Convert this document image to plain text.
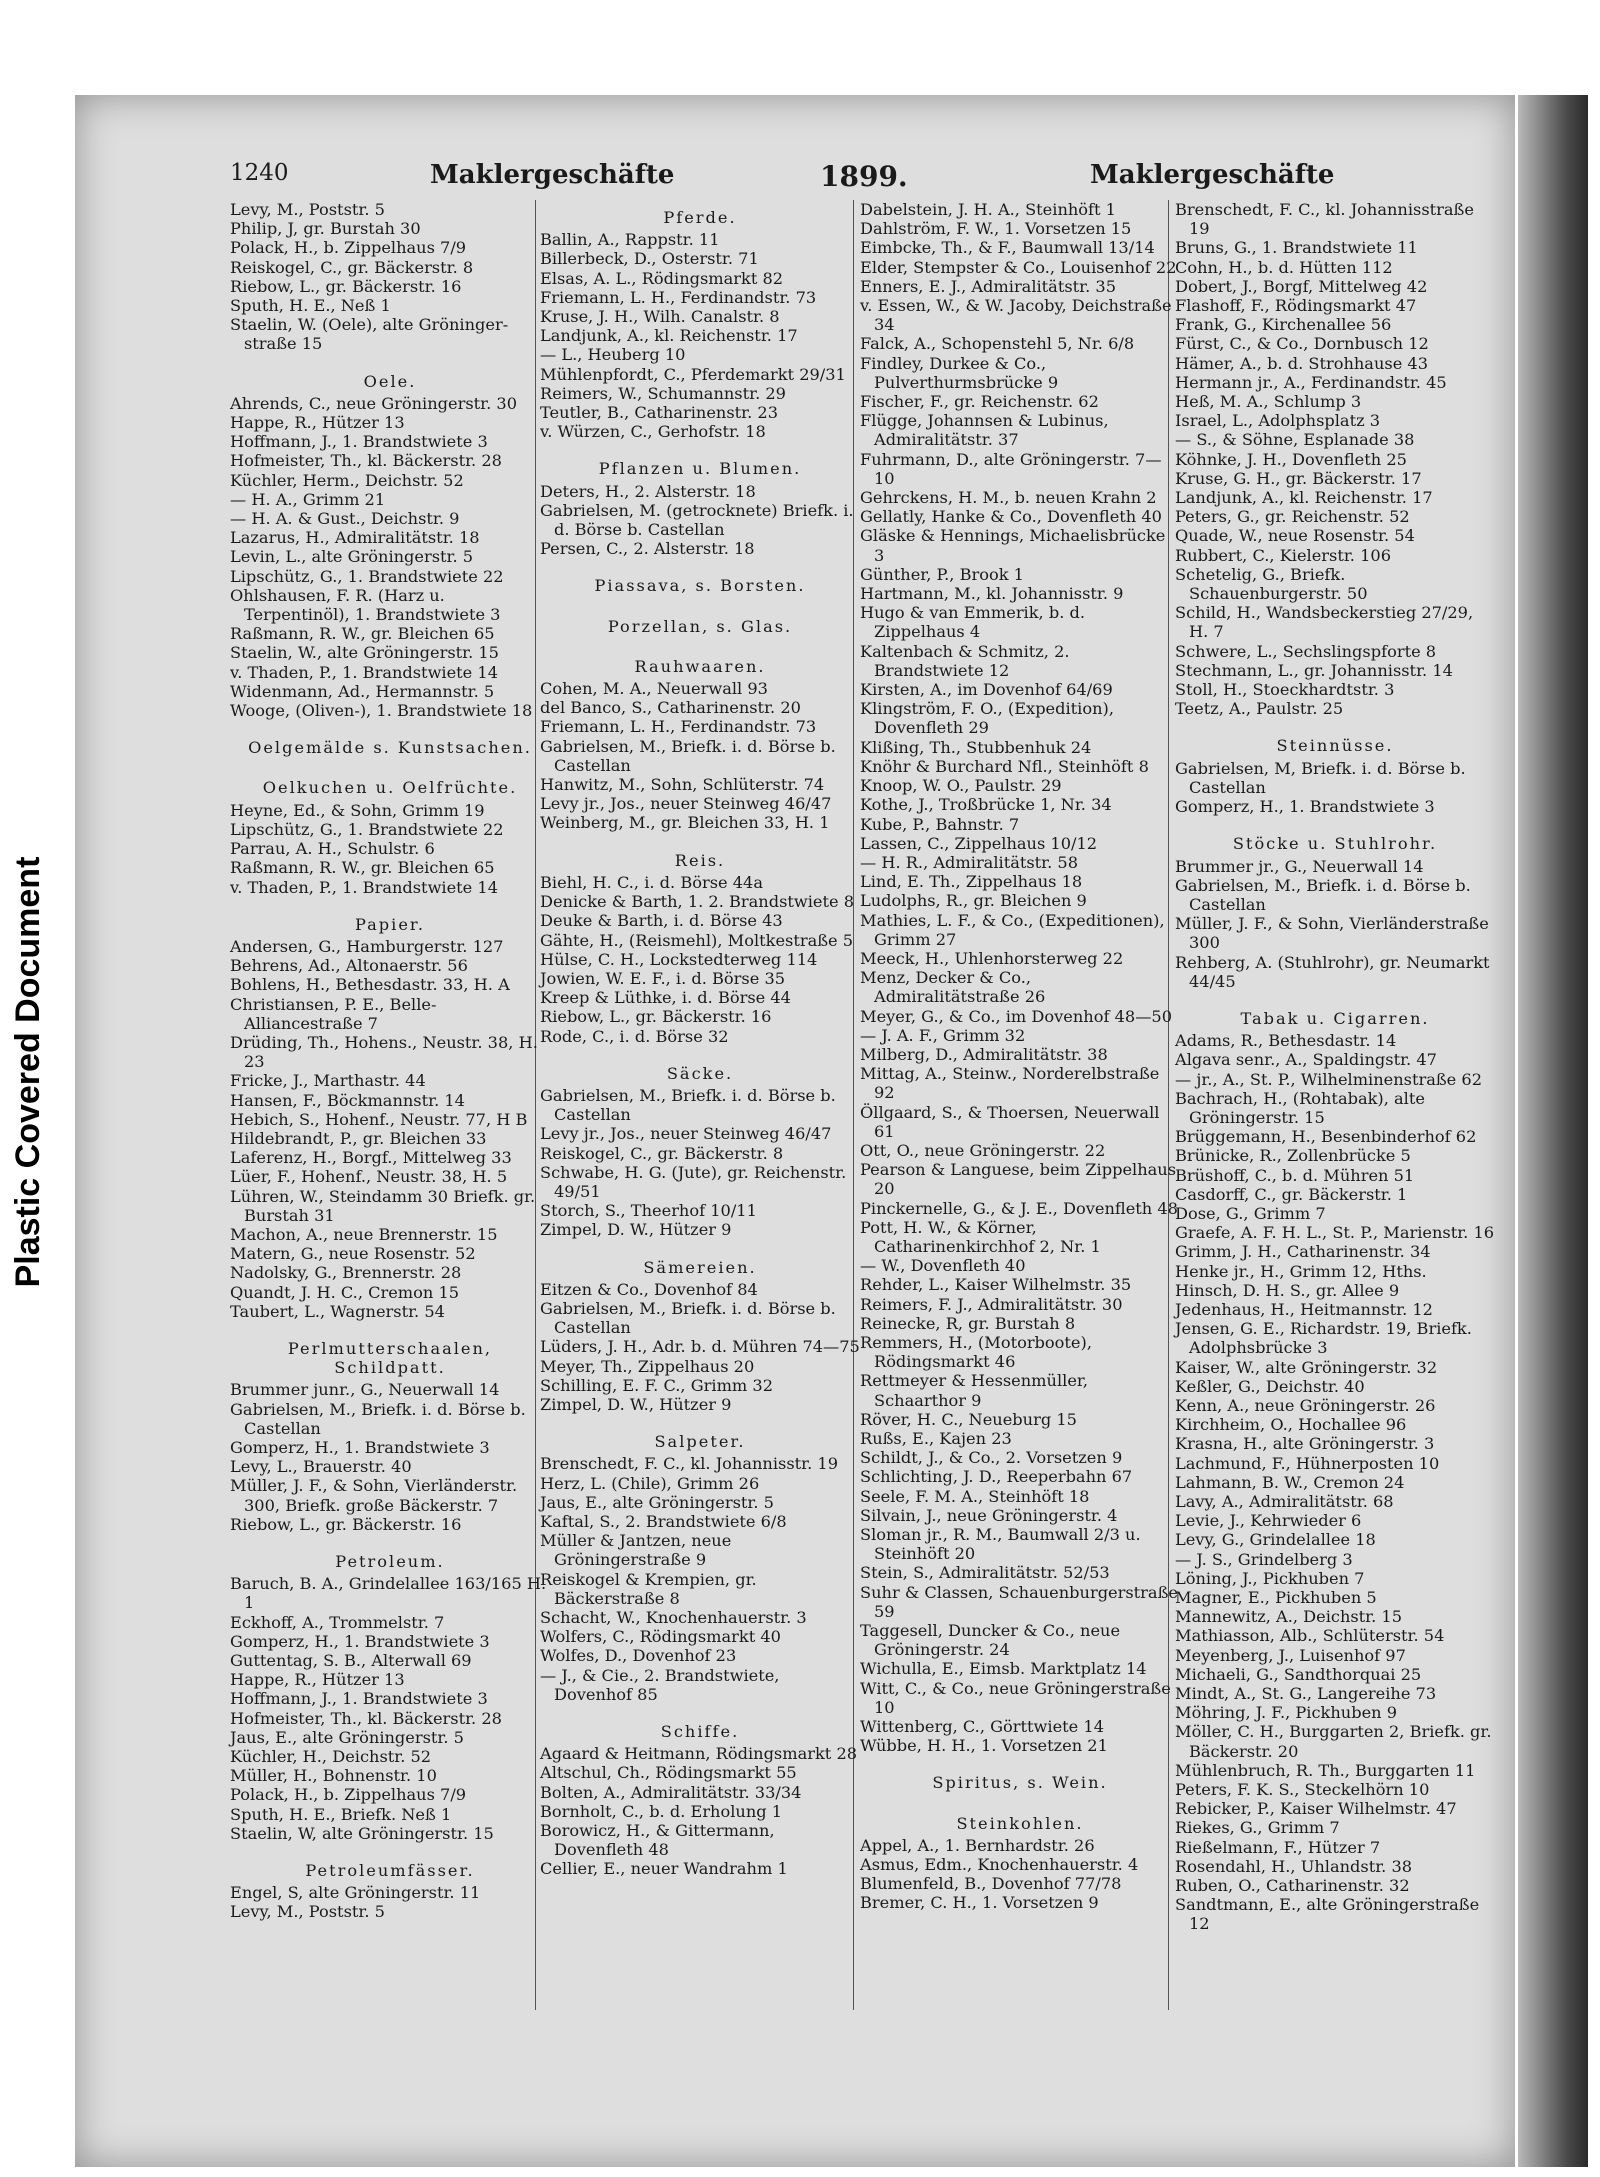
Plastic Covered Document
1240	Maklergeschäfte	1899.	Maklergeschäfte
Levy, M., Poststr. 5
Philip, J, gr. Burstah 30
Polack, H., b. Zippelhaus 7/9
Reiskogel, C., gr. Bäckerstr. 8
Riebow, L., gr. Bäckerstr. 16
Sputh, H. E., Neß 1
Staelin, W. (Oele), alte Gröninger-straße 15
Oele.
Ahrends, C., neue Gröningerstr. 30
Happe, R., Hützer 13
Hoffmann, J., 1. Brandstwiete 3
Hofmeister, Th., kl. Bäckerstr. 28
Küchler, Herm., Deichstr. 52
— H. A., Grimm 21
— H. A. & Gust., Deichstr. 9
Lazarus, H., Admiralitätstr. 18
Levin, L., alte Gröningerstr. 5
Lipschütz, G., 1. Brandstwiete 22
Ohlshausen, F. R. (Harz u. Terpentinöl), 1. Brandstwiete 3
Raßmann, R. W., gr. Bleichen 65
Staelin, W., alte Gröningerstr. 15
v. Thaden, P., 1. Brandstwiete 14
Widenmann, Ad., Hermannstr. 5
Wooge, (Oliven-), 1. Brandstwiete 18
Oelgemälde s. Kunstsachen.
Oelkuchen u. Oelfrüchte.
Heyne, Ed., & Sohn, Grimm 19
Lipschütz, G., 1. Brandstwiete 22
Parrau, A. H., Schulstr. 6
Raßmann, R. W., gr. Bleichen 65
v. Thaden, P., 1. Brandstwiete 14
Papier.
Andersen, G., Hamburgerstr. 127
Behrens, Ad., Altonaerstr. 56
Bohlens, H., Bethesdastr. 33, H. A
Christiansen, P. E., Belle-Alliancestraße 7
Drüding, Th., Hohens., Neustr. 38, H. 23
Fricke, J., Marthastr. 44
Hansen, F., Böckmannstr. 14
Hebich, S., Hohenf., Neustr. 77, H B
Hildebrandt, P., gr. Bleichen 33
Laferenz, H., Borgf., Mittelweg 33
Lüer, F., Hohenf., Neustr. 38, H. 5
Lühren, W., Steindamm 30 Briefk. gr. Burstah 31
Machon, A., neue Brennerstr. 15
Matern, G., neue Rosenstr. 52
Nadolsky, G., Brennerstr. 28
Quandt, J. H. C., Cremon 15
Taubert, L., Wagnerstr. 54
Perlmutterschaalen, Schildpatt.
Brummer junr., G., Neuerwall 14
Gabrielsen, M., Briefk. i. d. Börse b. Castellan
Gomperz, H., 1. Brandstwiete 3
Levy, L., Brauerstr. 40
Müller, J. F., & Sohn, Vierländerstr. 300, Briefk. große Bäckerstr. 7
Riebow, L., gr. Bäckerstr. 16
Petroleum.
Baruch, B. A., Grindelallee 163/165 H. 1
Eckhoff, A., Trommelstr. 7
Gomperz, H., 1. Brandstwiete 3
Guttentag, S. B., Alterwall 69
Happe, R., Hützer 13
Hoffmann, J., 1. Brandstwiete 3
Hofmeister, Th., kl. Bäckerstr. 28
Jaus, E., alte Gröningerstr. 5
Küchler, H., Deichstr. 52
Müller, H., Bohnenstr. 10
Polack, H., b. Zippelhaus 7/9
Sputh, H. E., Briefk. Neß 1
Staelin, W, alte Gröningerstr. 15
Petroleumfässer.
Engel, S, alte Gröningerstr. 11
Levy, M., Poststr. 5
Pferde.
Ballin, A., Rappstr. 11
Billerbeck, D., Osterstr. 71
Elsas, A. L., Rödingsmarkt 82
Friemann, L. H., Ferdinandstr. 73
Kruse, J. H., Wilh. Canalstr. 8
Landjunk, A., kl. Reichenstr. 17
— L., Heuberg 10
Mühlenpfordt, C., Pferdemarkt 29/31
Reimers, W., Schumannstr. 29
Teutler, B., Catharinenstr. 23
v. Würzen, C., Gerhofstr. 18
Pflanzen u. Blumen.
Deters, H., 2. Alsterstr. 18
Gabrielsen, M. (getrocknete) Briefk. i. d. Börse b. Castellan
Persen, C., 2. Alsterstr. 18
Piassava, s. Borsten.
Porzellan, s. Glas.
Rauhwaaren.
Cohen, M. A., Neuerwall 93
del Banco, S., Catharinenstr. 20
Friemann, L. H., Ferdinandstr. 73
Gabrielsen, M., Briefk. i. d. Börse b. Castellan
Hanwitz, M., Sohn, Schlüterstr. 74
Levy jr., Jos., neuer Steinweg 46/47
Weinberg, M., gr. Bleichen 33, H. 1
Reis.
Biehl, H. C., i. d. Börse 44a
Denicke & Barth, 1. 2. Brandstwiete 8
Deuke & Barth, i. d. Börse 43
Gähte, H., (Reismehl), Moltkestraße 5
Hülse, C. H., Lockstedterweg 114
Jowien, W. E. F., i. d. Börse 35
Kreep & Lüthke, i. d. Börse 44
Riebow, L., gr. Bäckerstr. 16
Rode, C., i. d. Börse 32
Säcke.
Gabrielsen, M., Briefk. i. d. Börse b. Castellan
Levy jr., Jos., neuer Steinweg 46/47
Reiskogel, C., gr. Bäckerstr. 8
Schwabe, H. G. (Jute), gr. Reichenstr. 49/51
Storch, S., Theerhof 10/11
Zimpel, D. W., Hützer 9
Sämereien.
Eitzen & Co., Dovenhof 84
Gabrielsen, M., Briefk. i. d. Börse b. Castellan
Lüders, J. H., Adr. b. d. Mühren 74—75
Meyer, Th., Zippelhaus 20
Schilling, E. F. C., Grimm 32
Zimpel, D. W., Hützer 9
Salpeter.
Brenschedt, F. C., kl. Johannisstr. 19
Herz, L. (Chile), Grimm 26
Jaus, E., alte Gröningerstr. 5
Kaftal, S., 2. Brandstwiete 6/8
Müller & Jantzen, neue Gröningerstraße 9
Reiskogel & Krempien, gr. Bäckerstraße 8
Schacht, W., Knochenhauerstr. 3
Wolfers, C., Rödingsmarkt 40
Wolfes, D., Dovenhof 23
— J., & Cie., 2. Brandstwiete, Dovenhof 85
Schiffe.
Agaard & Heitmann, Rödingsmarkt 28
Altschul, Ch., Rödingsmarkt 55
Bolten, A., Admiralitätstr. 33/34
Bornholt, C., b. d. Erholung 1
Borowicz, H., & Gittermann, Dovenfleth 48
Cellier, E., neuer Wandrahm 1
Dabelstein, J. H. A., Steinhöft 1
Dahlström, F. W., 1. Vorsetzen 15
Eimbcke, Th., & F., Baumwall 13/14
Elder, Stempster & Co., Louisenhof 22
Enners, E. J., Admiralitätstr. 35
v. Essen, W., & W. Jacoby, Deichstraße 34
Falck, A., Schopenstehl 5, Nr. 6/8
Findley, Durkee & Co., Pulverthurmsbrücke 9
Fischer, F., gr. Reichenstr. 62
Flügge, Johannsen & Lubinus, Admiralitätstr. 37
Fuhrmann, D., alte Gröningerstr. 7—10
Gehrckens, H. M., b. neuen Krahn 2
Gellatly, Hanke & Co., Dovenfleth 40
Gläske & Hennings, Michaelisbrücke 3
Günther, P., Brook 1
Hartmann, M., kl. Johannisstr. 9
Hugo & van Emmerik, b. d. Zippelhaus 4
Kaltenbach & Schmitz, 2. Brandstwiete 12
Kirsten, A., im Dovenhof 64/69
Klingström, F. O., (Expedition), Dovenfleth 29
Klißing, Th., Stubbenhuk 24
Knöhr & Burchard Nfl., Steinhöft 8
Knoop, W. O., Paulstr. 29
Kothe, J., Troßbrücke 1, Nr. 34
Kube, P., Bahnstr. 7
Lassen, C., Zippelhaus 10/12
— H. R., Admiralitätstr. 58
Lind, E. Th., Zippelhaus 18
Ludolphs, R., gr. Bleichen 9
Mathies, L. F., & Co., (Expeditionen), Grimm 27
Meeck, H., Uhlenhorsterweg 22
Menz, Decker & Co., Admiralitätstraße 26
Meyer, G., & Co., im Dovenhof 48—50
— J. A. F., Grimm 32
Milberg, D., Admiralitätstr. 38
Mittag, A., Steinw., Norderelbstraße 92
Öllgaard, S., & Thoersen, Neuerwall 61
Ott, O., neue Gröningerstr. 22
Pearson & Languese, beim Zippelhaus 20
Pinckernelle, G., & J. E., Dovenfleth 48
Pott, H. W., & Körner, Catharinenkirchhof 2, Nr. 1
— W., Dovenfleth 40
Rehder, L., Kaiser Wilhelmstr. 35
Reimers, F. J., Admiralitätstr. 30
Reinecke, R, gr. Burstah 8
Remmers, H., (Motorboote), Rödingsmarkt 46
Rettmeyer & Hessenmüller, Schaarthor 9
Röver, H. C., Neueburg 15
Rußs, E., Kajen 23
Schildt, J., & Co., 2. Vorsetzen 9
Schlichting, J. D., Reeperbahn 67
Seele, F. M. A., Steinhöft 18
Silvain, J., neue Gröningerstr. 4
Sloman jr., R. M., Baumwall 2/3 u. Steinhöft 20
Stein, S., Admiralitätstr. 52/53
Suhr & Classen, Schauenburgerstraße 59
Taggesell, Duncker & Co., neue Gröningerstr. 24
Wichulla, E., Eimsb. Marktplatz 14
Witt, C., & Co., neue Gröningerstraße 10
Wittenberg, C., Görttwiete 14
Wübbe, H. H., 1. Vorsetzen 21
Spiritus, s. Wein.
Steinkohlen.
Appel, A., 1. Bernhardstr. 26
Asmus, Edm., Knochenhauerstr. 4
Blumenfeld, B., Dovenhof 77/78
Bremer, C. H., 1. Vorsetzen 9
Brenschedt, F. C., kl. Johannisstraße 19
Bruns, G., 1. Brandstwiete 11
Cohn, H., b. d. Hütten 112
Dobert, J., Borgf, Mittelweg 42
Flashoff, F., Rödingsmarkt 47
Frank, G., Kirchenallee 56
Fürst, C., & Co., Dornbusch 12
Hämer, A., b. d. Strohhause 43
Hermann jr., A., Ferdinandstr. 45
Heß, M. A., Schlump 3
Israel, L., Adolphsplatz 3
— S., & Söhne, Esplanade 38
Köhnke, J. H., Dovenfleth 25
Kruse, G. H., gr. Bäckerstr. 17
Landjunk, A., kl. Reichenstr. 17
Peters, G., gr. Reichenstr. 52
Quade, W., neue Rosenstr. 54
Rubbert, C., Kielerstr. 106
Schetelig, G., Briefk. Schauenburgerstr. 50
Schild, H., Wandsbeckerstieg 27/29, H. 7
Schwere, L., Sechslingspforte 8
Stechmann, L., gr. Johannisstr. 14
Stoll, H., Stoeckhardtstr. 3
Teetz, A., Paulstr. 25
Steinnüsse.
Gabrielsen, M, Briefk. i. d. Börse b. Castellan
Gomperz, H., 1. Brandstwiete 3
Stöcke u. Stuhlrohr.
Brummer jr., G., Neuerwall 14
Gabrielsen, M., Briefk. i. d. Börse b. Castellan
Müller, J. F., & Sohn, Vierländerstraße 300
Rehberg, A. (Stuhlrohr), gr. Neumarkt 44/45
Tabak u. Cigarren.
Adams, R., Bethesdastr. 14
Algava senr., A., Spaldingstr. 47
— jr., A., St. P., Wilhelminenstraße 62
Bachrach, H., (Rohtabak), alte Gröningerstr. 15
Brüggemann, H., Besenbinderhof 62
Brünicke, R., Zollenbrücke 5
Brüshoff, C., b. d. Mühren 51
Casdorff, C., gr. Bäckerstr. 1
Dose, G., Grimm 7
Graefe, A. F. H. L., St. P., Marienstr. 16
Grimm, J. H., Catharinenstr. 34
Henke jr., H., Grimm 12, Hths.
Hinsch, D. H. S., gr. Allee 9
Jedenhaus, H., Heitmannstr. 12
Jensen, G. E., Richardstr. 19, Briefk. Adolphsbrücke 3
Kaiser, W., alte Gröningerstr. 32
Keßler, G., Deichstr. 40
Kenn, A., neue Gröningerstr. 26
Kirchheim, O., Hochallee 96
Krasna, H., alte Gröningerstr. 3
Lachmund, F., Hühnerposten 10
Lahmann, B. W., Cremon 24
Lavy, A., Admiralitätstr. 68
Levie, J., Kehrwieder 6
Levy, G., Grindelallee 18
— J. S., Grindelberg 3
Löning, J., Pickhuben 7
Magner, E., Pickhuben 5
Mannewitz, A., Deichstr. 15
Mathiasson, Alb., Schlüterstr. 54
Meyenberg, J., Luisenhof 97
Michaeli, G., Sandthorquai 25
Mindt, A., St. G., Langereihe 73
Möhring, J. F., Pickhuben 9
Möller, C. H., Burggarten 2, Briefk. gr. Bäckerstr. 20
Mühlenbruch, R. Th., Burggarten 11
Peters, F. K. S., Steckelhörn 10
Rebicker, P., Kaiser Wilhelmstr. 47
Riekes, G., Grimm 7
Rießelmann, F., Hützer 7
Rosendahl, H., Uhlandstr. 38
Ruben, O., Catharinenstr. 32
Sandtmann, E., alte Gröningerstraße 12
